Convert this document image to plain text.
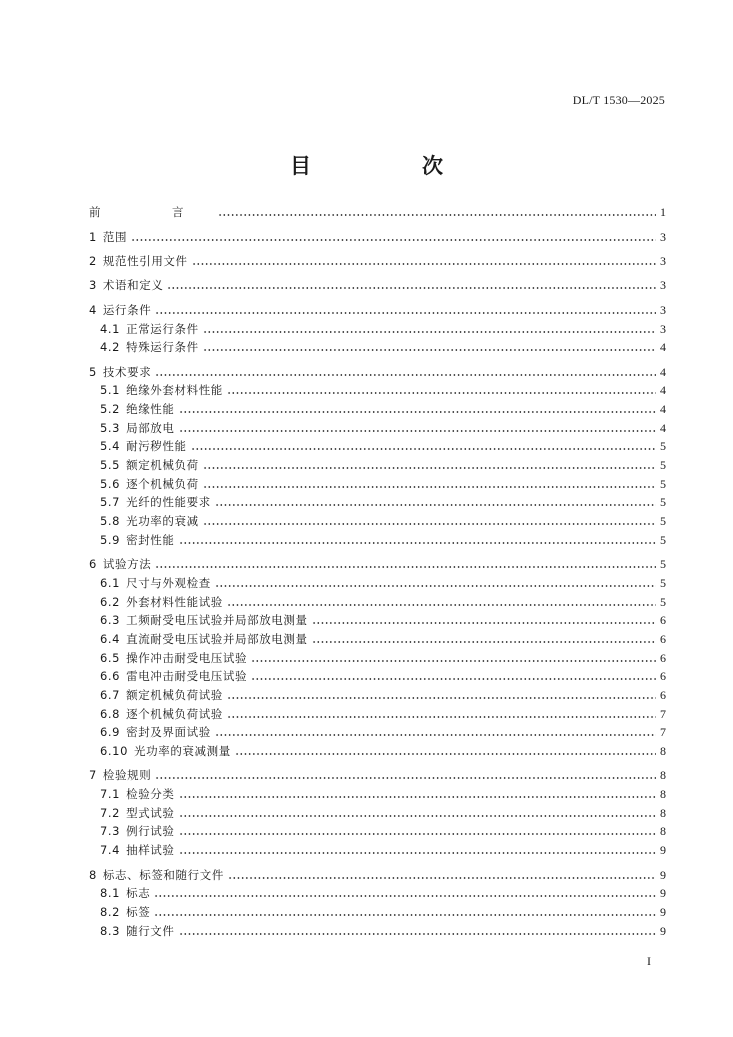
DL/T 1530—2025
目　次
前　言	1
1 范围	3
2 规范性引用文件	3
3 术语和定义	3
4 运行条件	3
4.1 正常运行条件	3
4.2 特殊运行条件	4
5 技术要求	4
5.1 绝缘外套材料性能	4
5.2 绝缘性能	4
5.3 局部放电	4
5.4 耐污秽性能	5
5.5 额定机械负荷	5
5.6 逐个机械负荷	5
5.7 光纤的性能要求	5
5.8 光功率的衰减	5
5.9 密封性能	5
6 试验方法	5
6.1 尺寸与外观检查	5
6.2 外套材料性能试验	5
6.3 工频耐受电压试验并局部放电测量	6
6.4 直流耐受电压试验并局部放电测量	6
6.5 操作冲击耐受电压试验	6
6.6 雷电冲击耐受电压试验	6
6.7 额定机械负荷试验	6
6.8 逐个机械负荷试验	7
6.9 密封及界面试验	7
6.10 光功率的衰减测量	8
7 检验规则	8
7.1 检验分类	8
7.2 型式试验	8
7.3 例行试验	8
7.4 抽样试验	9
8 标志、标签和随行文件	9
8.1 标志	9
8.2 标签	9
8.3 随行文件	9
I
